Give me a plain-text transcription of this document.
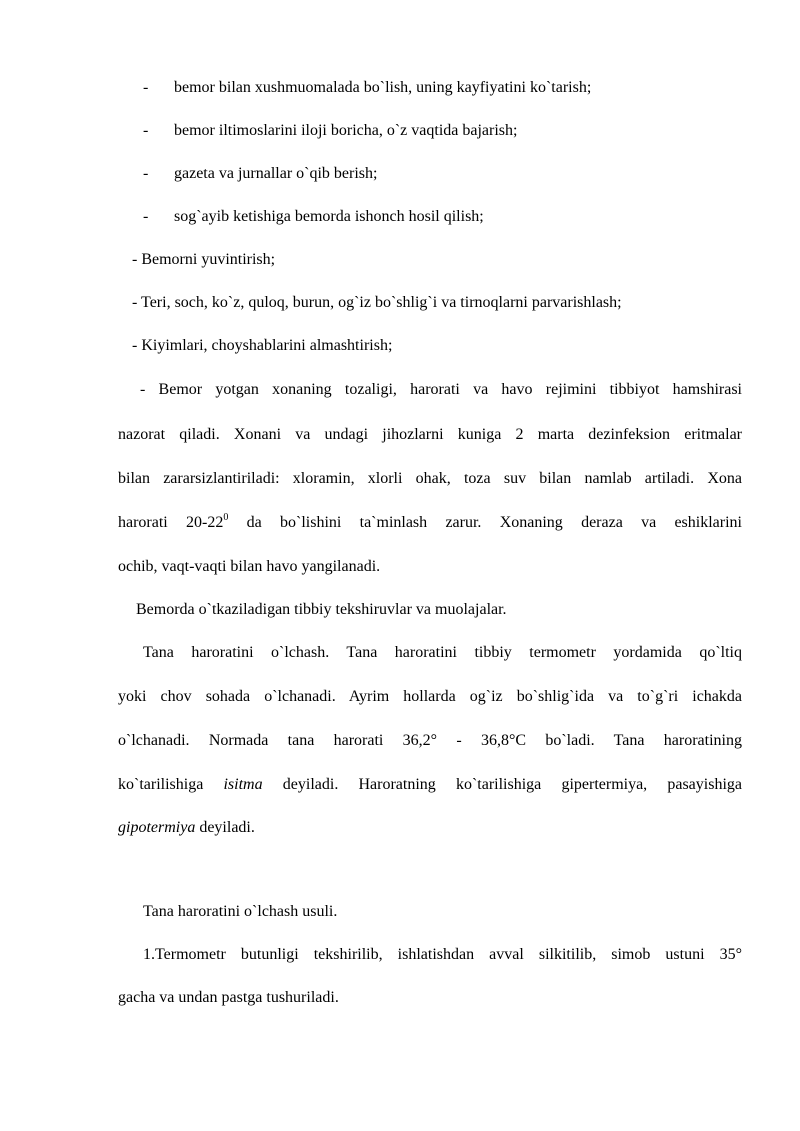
- bemor bilan xushmuomalada bo`lish, uning kayfiyatini ko`tarish;
- bemor iltimoslarini iloji boricha, o`z vaqtida bajarish;
- gazeta va jurnallar o`qib berish;
- sog`ayib ketishiga bemorda ishonch hosil qilish;
- Bemorni yuvintirish;
- Teri, soch, ko`z, quloq, burun, og`iz bo`shlig`i va tirnoqlarni parvarishlash;
- Kiyimlari, choyshablarini almashtirish;
- Bemor yotgan xonaning tozaligi, harorati va havo rejimini tibbiyot hamshirasi
nazorat qiladi. Xonani va undagi jihozlarni kuniga 2 marta dezinfeksion eritmalar
bilan zararsizlantiriladi: xloramin, xlorli ohak, toza suv bilan namlab artiladi. Xona
harorati $20-22^0$ da bo`lishini ta`minlash zarur. Xonaning deraza va eshiklarini
ochib, vaqt-vaqti bilan havo yangilanadi.
Bemorda o`tkaziladigan tibbiy tekshiruvlar va muolajalar.
Tana haroratini o`lchash. Tana haroratini tibbiy termometr yordamida qo`ltiq
yoki chov sohada o`lchanadi. Ayrim hollarda og`iz bo`shlig`ida va to`g`ri ichakda
o`lchanadi. Normada tana harorati 36,2° - 36,8°C bo`ladi. Tana haroratining
ko`tarilishiga isitma deyiladi. Haroratning ko`tarilishiga gipertermiya, pasayishiga
gipotermiya deyiladi.
Tana haroratini o`lchash usuli.
1.Termometr butunligi tekshirilib, ishlatishdan avval silkitilib, simob ustuni 35°
gacha va undan pastga tushuriladi.
